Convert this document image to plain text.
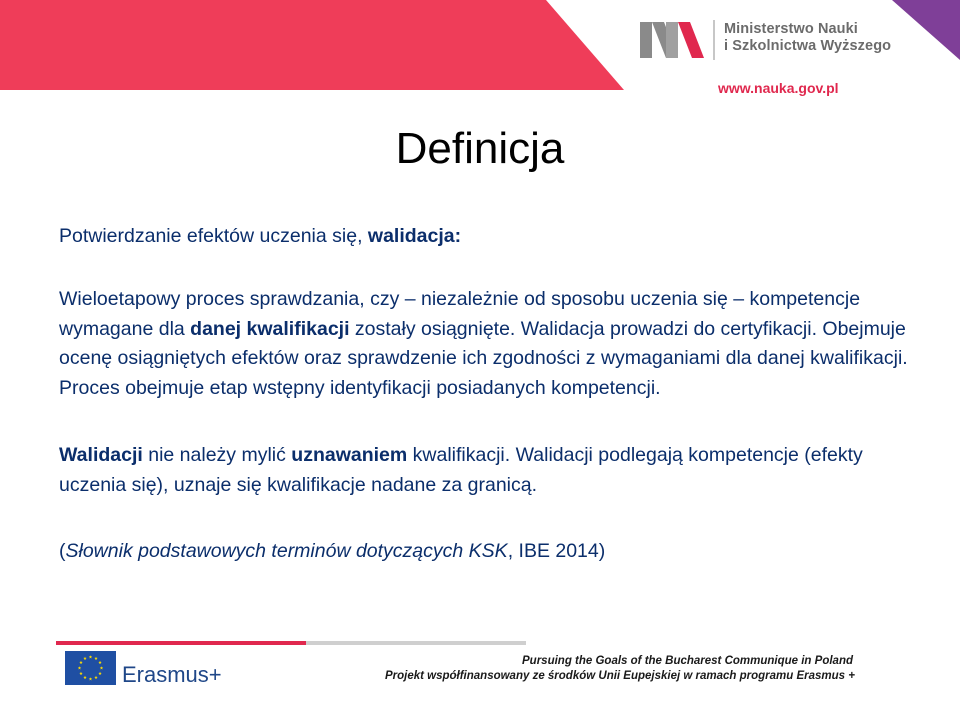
Ministerstwo Nauki
i Szkolnictwa Wyższego
www.nauka.gov.pl
Definicja
Potwierdzanie efektów uczenia się, walidacja:
Wieloetapowy proces sprawdzania, czy – niezależnie od sposobu uczenia się – kompetencje wymagane dla danej kwalifikacji zostały osiągnięte. Walidacja prowadzi do certyfikacji. Obejmuje ocenę osiągniętych efektów oraz sprawdzenie ich zgodności z wymaganiami dla danej kwalifikacji. Proces obejmuje etap wstępny identyfikacji posiadanych kompetencji.
Walidacji nie należy mylić uznawaniem kwalifikacji. Walidacji podlegają kompetencje (efekty uczenia się), uznaje się kwalifikacje nadane za granicą.
(Słownik podstawowych terminów dotyczących KSK, IBE 2014)
Erasmus+
Pursuing the Goals of the Bucharest Communique in Poland
Projekt współfinansowany ze środków Unii Eupejskiej w ramach programu Erasmus +
